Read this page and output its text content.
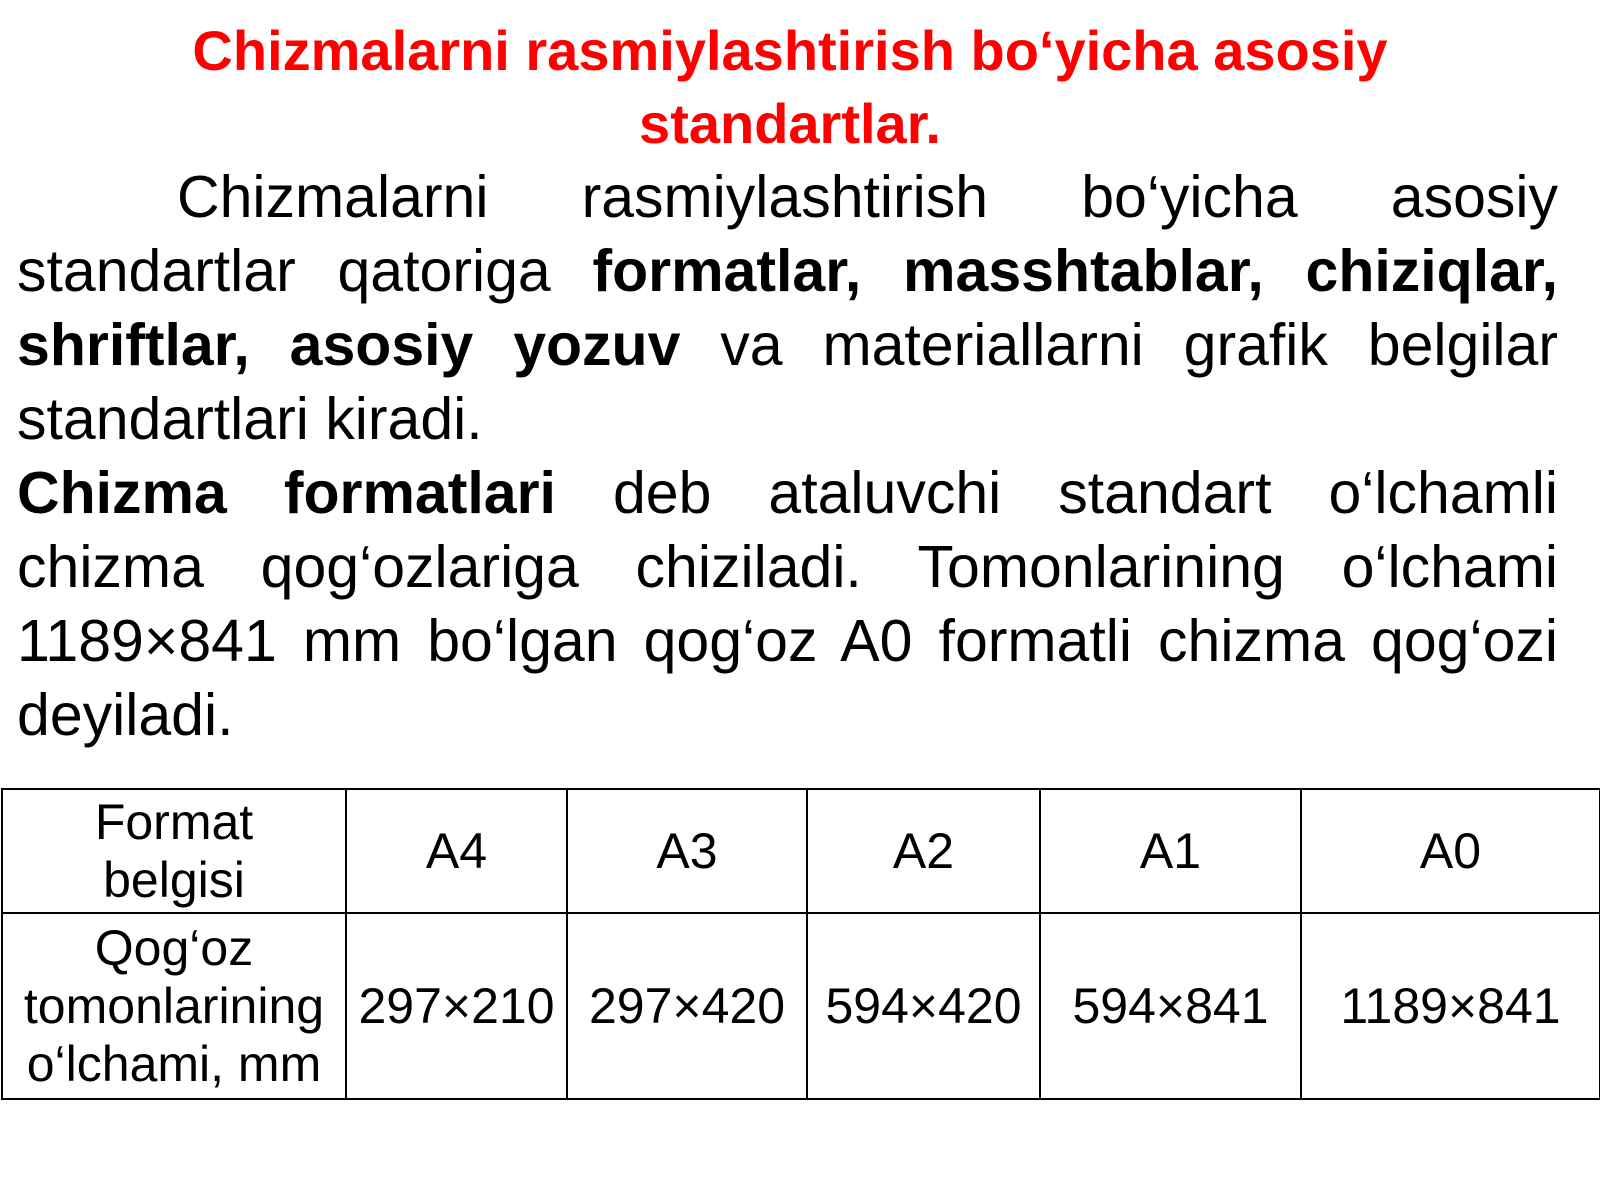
Chizmalarni rasmiylashtirish bo‘yicha asosiy standartlar.

Chizmalarni rasmiylashtirish bo‘yicha asosiy standartlar qatoriga formatlar, masshtablar, chiziqlar, shriftlar, asosiy yozuv va materiallarni grafik belgilar standartlari kiradi.

Chizma formatlari deb ataluvchi standart o‘lchamli chizma qog‘ozlariga chiziladi. Tomonlarining o‘lchami 1189×841 mm bo‘lgan qog‘oz A0 formatli chizma qog‘ozi deyiladi.

Format
belgisi	A4	A3	A2	A1	A0

Qog‘oz
tomonlarining
o‘lchami, mm	297×210	297×420	594×420	594×841	1189×841
